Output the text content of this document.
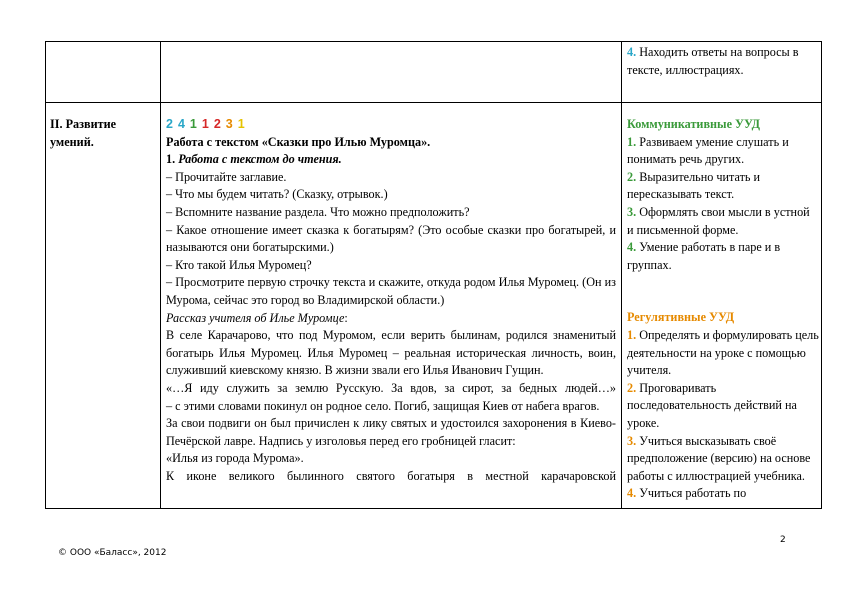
4. Находить ответы на вопросы в тексте, иллюстрациях.

II. Развитие умений.

2 4 1 1 2 3 1

Работа с текстом «Сказки про Илью Муромца».

1. Работа с текстом до чтения.

– Прочитайте заглавие.

– Что мы будем читать? (Сказку, отрывок.)

– Вспомните название раздела. Что можно предположить?

– Какое отношение имеет сказка к богатырям? (Это особые сказки про богатырей, и называются они богатырскими.)

– Кто такой Илья Муромец?

– Просмотрите первую строчку текста и скажите, откуда родом Илья Муромец. (Он из Мурома, сейчас это город во Владимирской области.)

Рассказ учителя об Илье Муромце:

В селе Карачарово, что под Муромом, если верить былинам, родился знаменитый богатырь Илья Муромец. Илья Муромец – реальная историческая личность, воин, служивший киевскому князю. В жизни звали его Илья Иванович Гущин.

«…Я иду служить за землю Русскую. За вдов, за сирот, за бедных людей…»

– с этими словами покинул он родное село. Погиб, защищая Киев от набега врагов.

За свои подвиги он был причислен к лику святых и удостоился захоронения в Киево-Печёрской лавре. Надпись у изголовья перед его гробницей гласит:

«Илья из города Мурома».

К иконе великого былинного святого богатыря в местной карачаровской

Коммуникативные УУД

1. Развиваем умение слушать и понимать речь других.

2. Выразительно читать и пересказывать текст.

3. Оформлять свои мысли в устной и письменной форме.

4. Умение работать в паре и в группах.

Регулятивные УУД

1. Определять и формулировать цель деятельности на уроке с помощью учителя.

2. Проговаривать последовательность действий на уроке.

3. Учиться высказывать своё предположение (версию) на основе работы с иллюстрацией учебника.

4. Учиться работать по

2
© ООО «Баласс», 2012
